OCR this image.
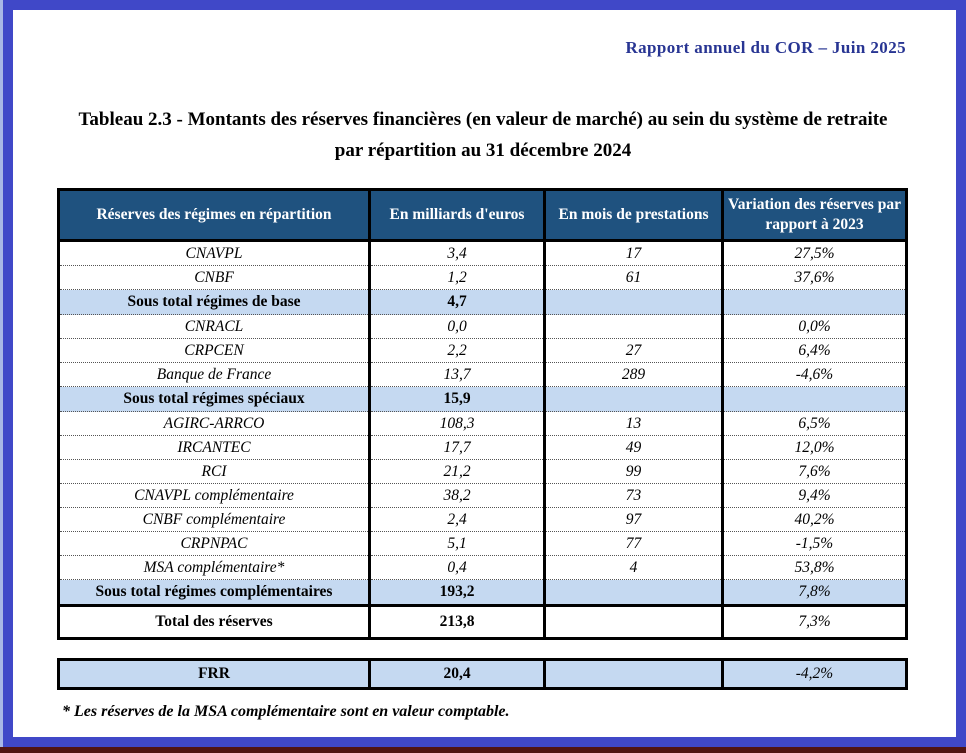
Rapport annuel du COR – Juin 2025
Tableau 2.3 - Montants des réserves financières (en valeur de marché) au sein du système de retraite par répartition au 31 décembre 2024
Réserves des régimes en répartition	En milliards d'euros	En mois de prestations	Variation des réserves par rapport à 2023
CNAVPL	3,4	17	27,5%
CNBF	1,2	61	37,6%
Sous total régimes de base	4,7		
CNRACL	0,0		0,0%
CRPCEN	2,2	27	6,4%
Banque de France	13,7	289	-4,6%
Sous total régimes spéciaux	15,9		
AGIRC-ARRCO	108,3	13	6,5%
IRCANTEC	17,7	49	12,0%
RCI	21,2	99	7,6%
CNAVPL complémentaire	38,2	73	9,4%
CNBF complémentaire	2,4	97	40,2%
CRPNPAC	5,1	77	-1,5%
MSA complémentaire*	0,4	4	53,8%
Sous total régimes complémentaires	193,2		7,8%
Total des réserves	213,8		7,3%
FRR	20,4		-4,2%
* Les réserves de la MSA complémentaire sont en valeur comptable.
